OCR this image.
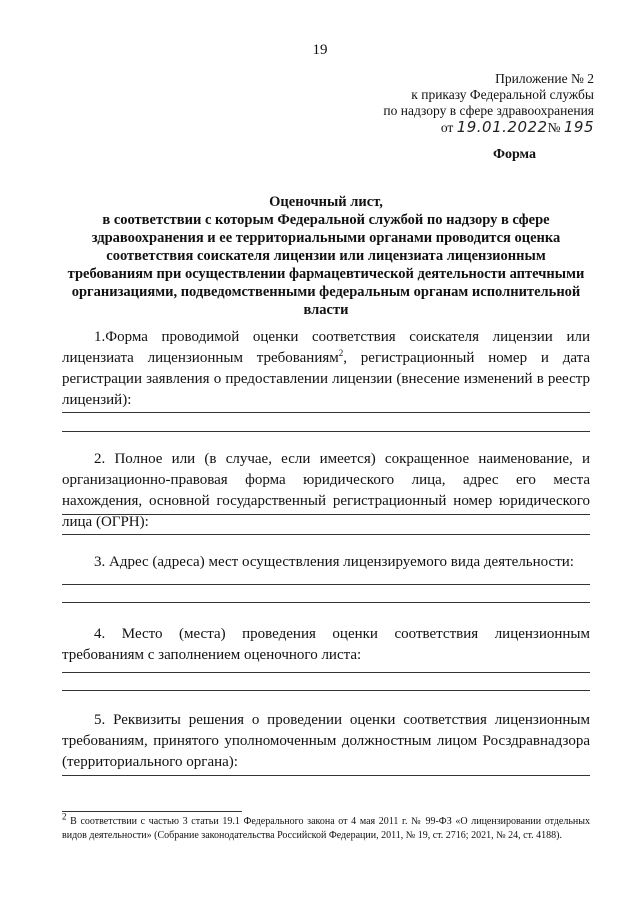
19
Приложение № 2
к приказу Федеральной службы
по надзору в сфере здравоохранения
от 19.01.2022№ 195
Форма
Оценочный лист,
в соответствии с которым Федеральной службой по надзору в сфере здравоохранения и ее территориальными органами проводится оценка соответствия соискателя лицензии или лицензиата лицензионным требованиям при осуществлении фармацевтической деятельности аптечными организациями, подведомственными федеральным органам исполнительной власти
1.Форма проводимой оценки соответствия соискателя лицензии или лицензиата лицензионным требованиям$^2$, регистрационный номер и дата регистрации заявления о предоставлении лицензии (внесение изменений в реестр лицензий):
2. Полное или (в случае, если имеется) сокращенное наименование, и организационно-правовая форма юридического лица, адрес его места нахождения, основной государственный регистрационный номер юридического лица (ОГРН):
3. Адрес (адреса) мест осуществления лицензируемого вида деятельности:
4. Место (места) проведения оценки соответствия лицензионным требованиям с заполнением оценочного листа:
5. Реквизиты решения о проведении оценки соответствия лицензионным требованиям, принятого уполномоченным должностным лицом Росздравнадзора (территориального органа):
$^2$ В соответствии с частью 3 статьи 19.1 Федерального закона от 4 мая 2011 г. № 99-ФЗ «О лицензировании отдельных видов деятельности» (Собрание законодательства Российской Федерации, 2011, № 19, ст. 2716; 2021, № 24, ст. 4188).
